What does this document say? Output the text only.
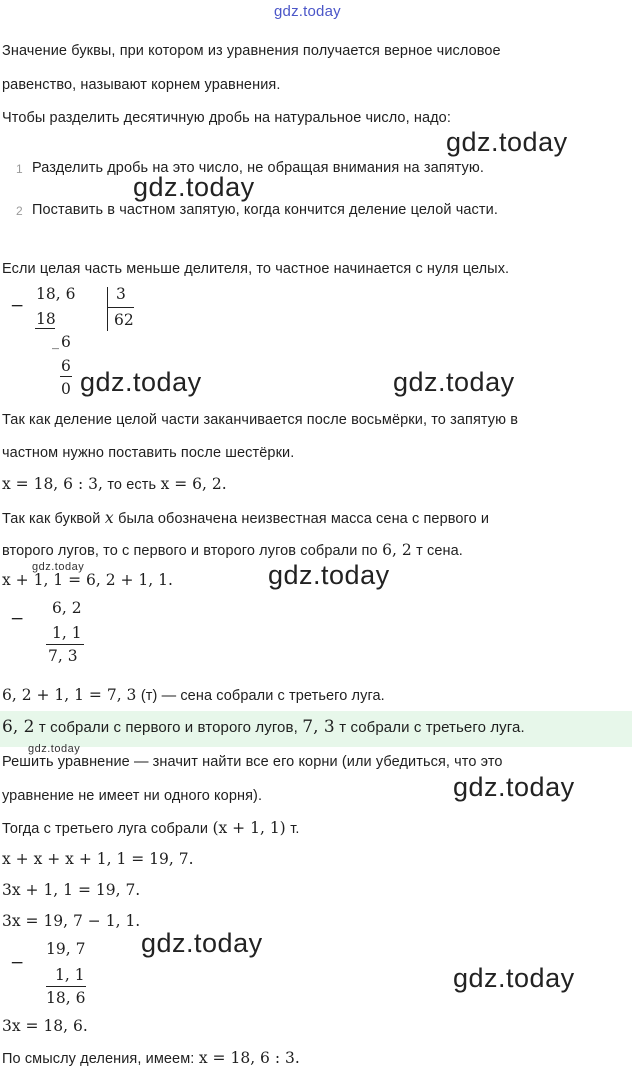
gdz.today
Значение буквы, при котором из уравнения получается верное числовое
равенство, называют корнем уравнения.
Чтобы разделить десятичную дробь на натуральное число, надо:
1 Разделить дробь на это число, не обращая внимания на запятую.
2 Поставить в частном запятую, когда кончится деление целой части.
Если целая часть меньше делителя, то частное начинается с нуля целых.
−
18, 6
18
_ 6
6
0
3
62
Так как деление целой части заканчивается после восьмёрки, то запятую в
частном нужно поставить после шестёрки.
x = 18, 6 : 3, то есть x = 6, 2.
Так как буквой x была обозначена неизвестная масса сена с первого и
второго лугов, то с первого и второго лугов собрали по 6, 2 т сена.
x + 1, 1 = 6, 2 + 1, 1.
−
6, 2
1, 1
7, 3
6, 2 + 1, 1 = 7, 3 (т) — сена собрали с третьего луга.
6, 2 т собрали с первого и второго лугов, 7, 3 т собрали с третьего луга.
Решить уравнение — значит найти все его корни (или убедиться, что это
уравнение не имеет ни одного корня).
Тогда с третьего луга собрали (x + 1, 1) т.
x + x + x + 1, 1 = 19, 7.
3x + 1, 1 = 19, 7.
3x = 19, 7 − 1, 1.
−
19, 7
1, 1
18, 6
3x = 18, 6.
По смыслу деления, имеем: x = 18, 6 : 3.
gdz.today
gdz.today
gdz.today	gdz.today
gdz.today
gdz.today
gdz.today
gdz.today
gdz.today
gdz.today
